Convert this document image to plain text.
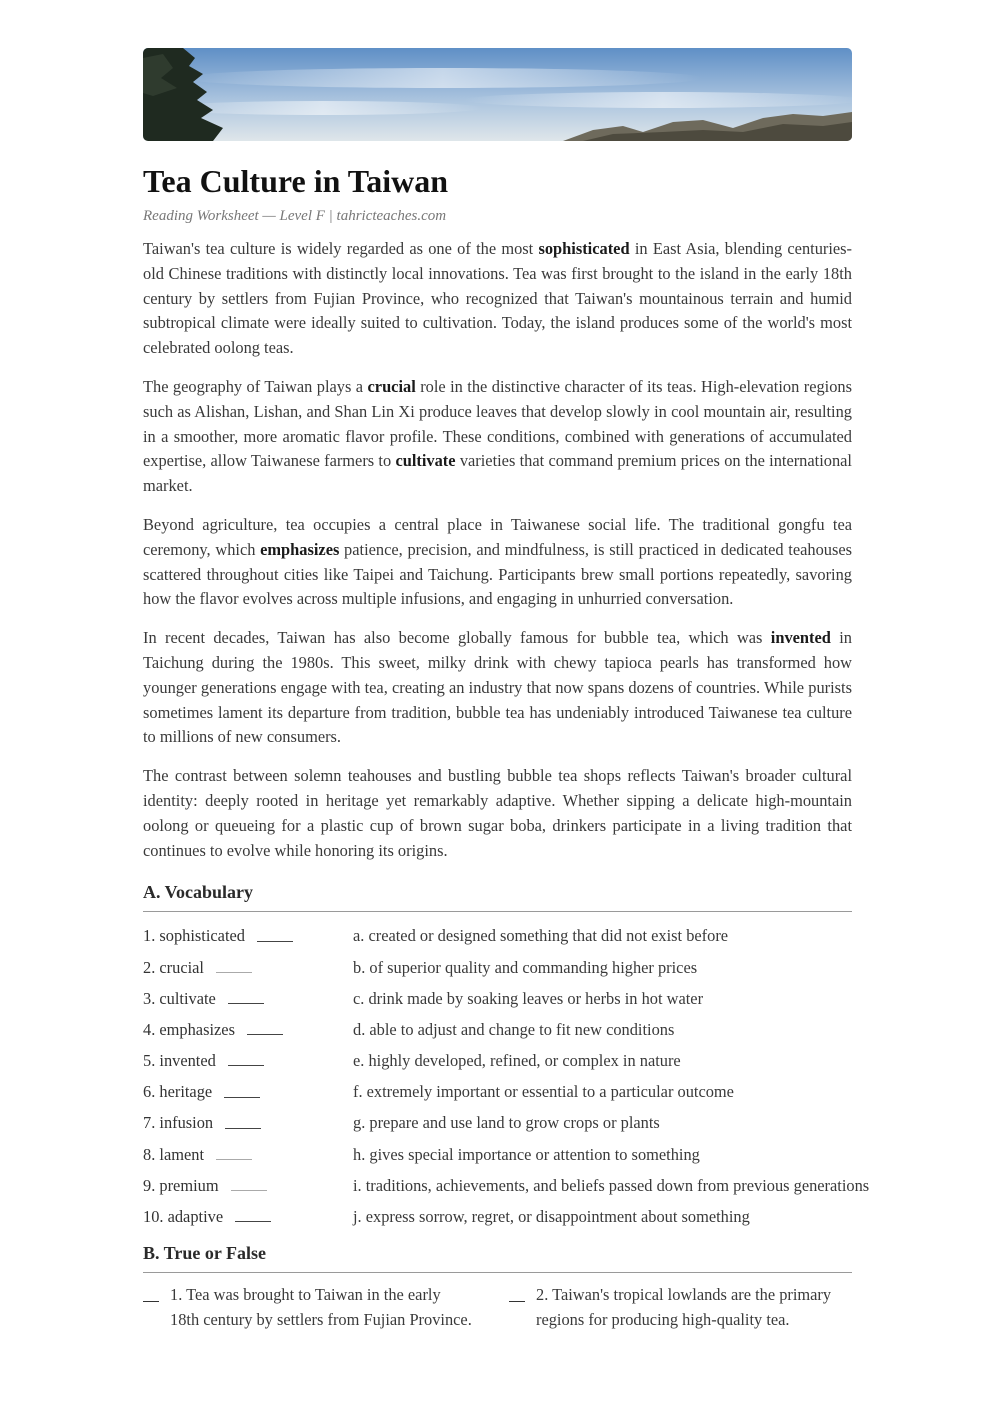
Tea Culture in Taiwan
Reading Worksheet — Level F | tahricteaches.com

Taiwan's tea culture is widely regarded as one of the most sophisticated in East Asia, blending centuries-old Chinese traditions with distinctly local innovations. Tea was first brought to the island in the early 18th century by settlers from Fujian Province, who recognized that Taiwan's mountainous terrain and humid subtropical climate were ideally suited to cultivation. Today, the island produces some of the world's most celebrated oolong teas.

The geography of Taiwan plays a crucial role in the distinctive character of its teas. High-elevation regions such as Alishan, Lishan, and Shan Lin Xi produce leaves that develop slowly in cool mountain air, resulting in a smoother, more aromatic flavor profile. These conditions, combined with generations of accumulated expertise, allow Taiwanese farmers to cultivate varieties that command premium prices on the international market.

Beyond agriculture, tea occupies a central place in Taiwanese social life. The traditional gongfu tea ceremony, which emphasizes patience, precision, and mindfulness, is still practiced in dedicated teahouses scattered throughout cities like Taipei and Taichung. Participants brew small portions repeatedly, savoring how the flavor evolves across multiple infusions, and engaging in unhurried conversation.

In recent decades, Taiwan has also become globally famous for bubble tea, which was invented in Taichung during the 1980s. This sweet, milky drink with chewy tapioca pearls has transformed how younger generations engage with tea, creating an industry that now spans dozens of countries. While purists sometimes lament its departure from tradition, bubble tea has undeniably introduced Taiwanese tea culture to millions of new consumers.

The contrast between solemn teahouses and bustling bubble tea shops reflects Taiwan's broader cultural identity: deeply rooted in heritage yet remarkably adaptive. Whether sipping a delicate high-mountain oolong or queueing for a plastic cup of brown sugar boba, drinkers participate in a living tradition that continues to evolve while honoring its origins.

A. Vocabulary
1. sophisticated	a. created or designed something that did not exist before
2. crucial	b. of superior quality and commanding higher prices
3. cultivate	c. drink made by soaking leaves or herbs in hot water
4. emphasizes	d. able to adjust and change to fit new conditions
5. invented	e. highly developed, refined, or complex in nature
6. heritage	f. extremely important or essential to a particular outcome
7. infusion	g. prepare and use land to grow crops or plants
8. lament	h. gives special importance or attention to something
9. premium	i. traditions, achievements, and beliefs passed down from previous generations
10. adaptive	j. express sorrow, regret, or disappointment about something
B. True or False
1. Tea was brought to Taiwan in the early 18th century by settlers from Fujian Province.
2. Taiwan's tropical lowlands are the primary regions for producing high-quality tea.
